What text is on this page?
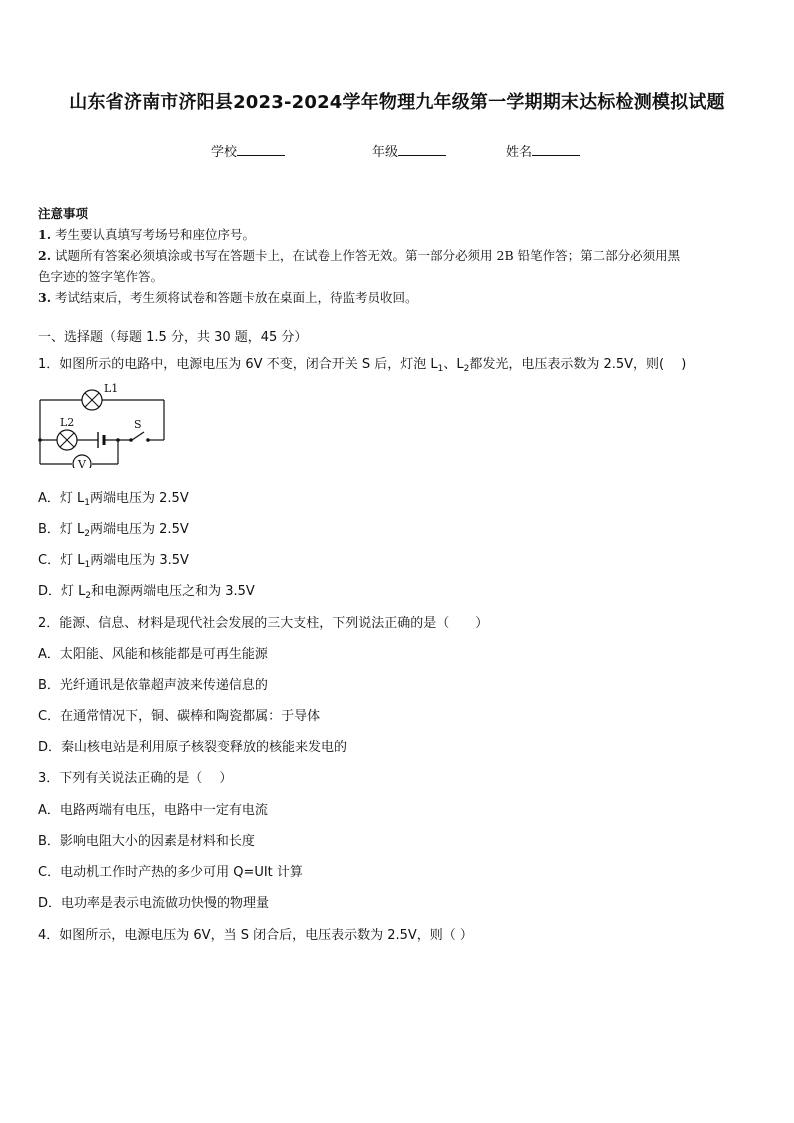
山东省济南市济阳县2023-2024学年物理九年级第一学期期末达标检测模拟试题
学校	年级	姓名
注意事项
1. 考生要认真填写考场号和座位序号。
2. 试题所有答案必须填涂或书写在答题卡上，在试卷上作答无效。第一部分必须用 2B 铅笔作答；第二部分必须用黑
色字迹的签字笔作答。
3. 考试结束后，考生须将试卷和答题卡放在桌面上，待监考员收回。
一、选择题（每题 1.5 分，共 30 题，45 分）
1．如图所示的电路中，电源电压为 6V 不变，闭合开关 S 后，灯泡 $L_1$、$L_2$都发光，电压表示数为 2.5V，则(　 )
V
L1
L2	S
A．灯 $L_1$两端电压为 2.5V
B．灯 $L_2$两端电压为 2.5V
C．灯 $L_1$两端电压为 3.5V
D．灯 $L_2$和电源两端电压之和为 3.5V
2．能源、信息、材料是现代社会发展的三大支柱，下列说法正确的是（　　）
A．太阳能、风能和核能都是可再生能源
B．光纤通讯是依靠超声波来传递信息的
C．在通常情况下，铜、碳棒和陶瓷都属：于导体
D．秦山核电站是利用原子核裂变释放的核能来发电的
3．下列有关说法正确的是（　 ）
A．电路两端有电压，电路中一定有电流
B．影响电阻大小的因素是材料和长度
C．电动机工作时产热的多少可用 Q=UIt 计算
D．电功率是表示电流做功快慢的物理量
4．如图所示，电源电压为 6V，当 S 闭合后，电压表示数为 2.5V，则（ ）
